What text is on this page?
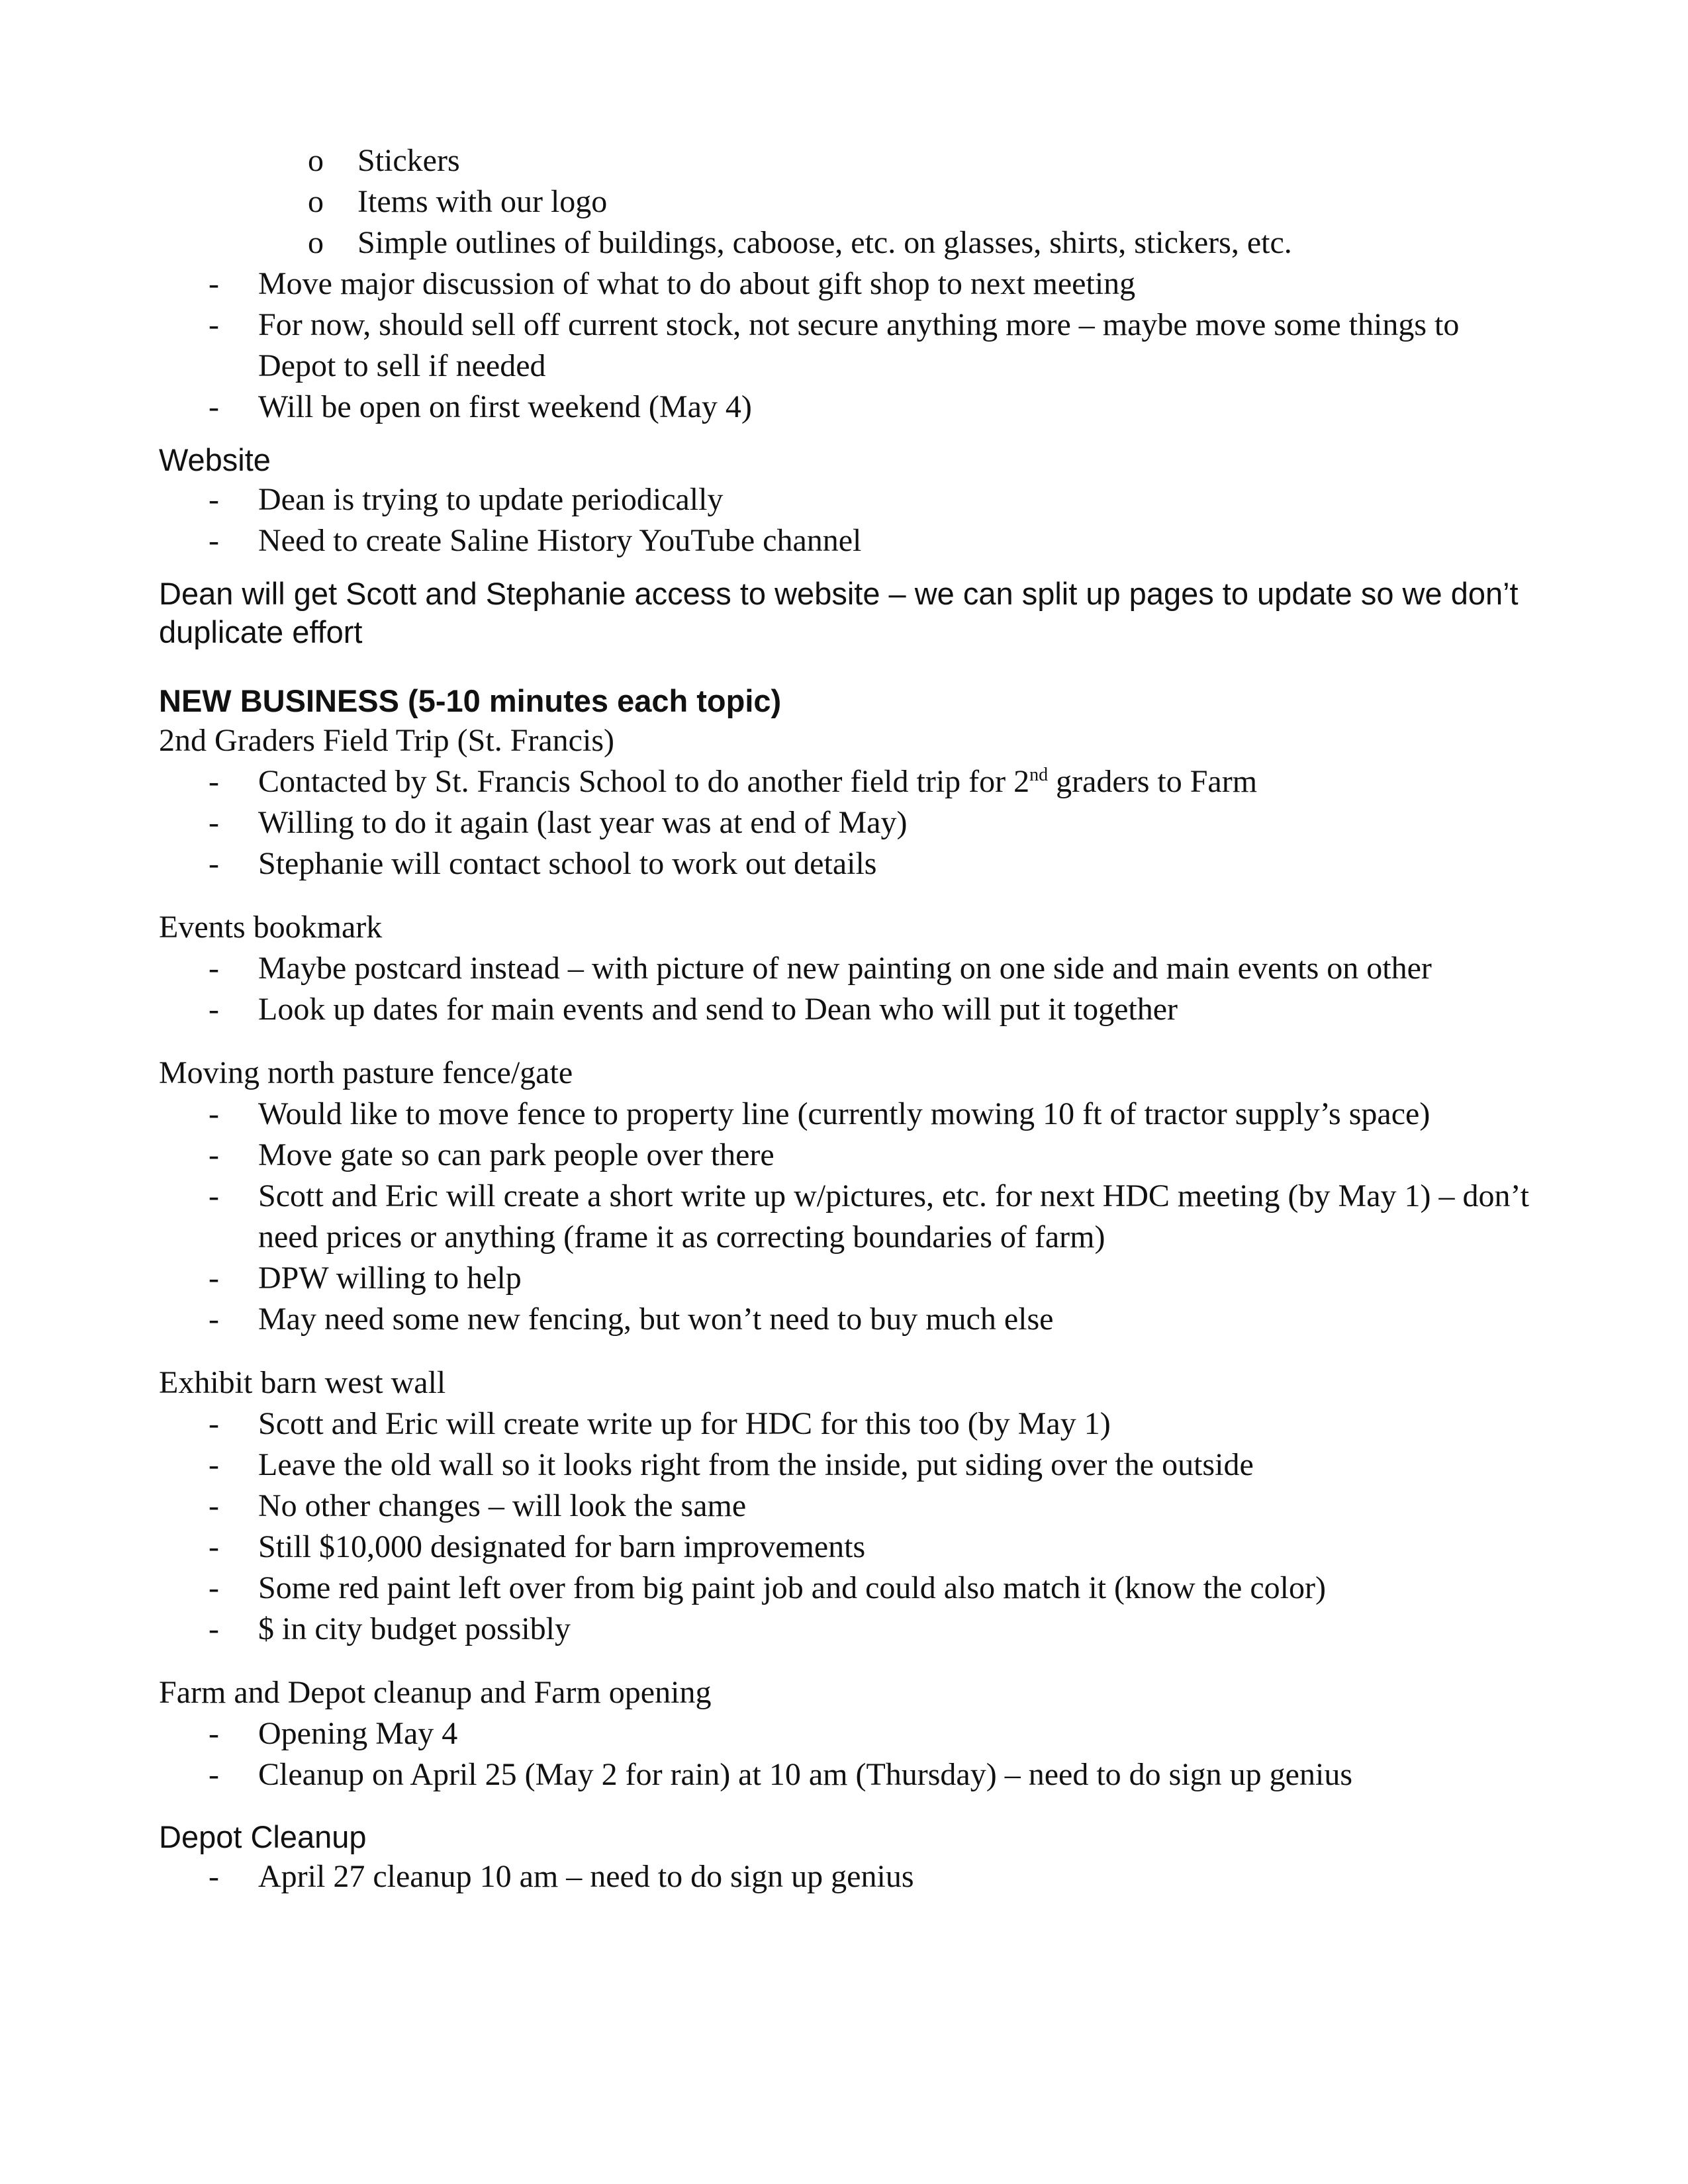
o Stickers
o Items with our logo
o Simple outlines of buildings, caboose, etc. on glasses, shirts, stickers, etc.
- Move major discussion of what to do about gift shop to next meeting
- For now, should sell off current stock, not secure anything more – maybe move some things to Depot to sell if needed
- Will be open on first weekend (May 4)
Website
- Dean is trying to update periodically
- Need to create Saline History YouTube channel
Dean will get Scott and Stephanie access to website – we can split up pages to update so we don’t duplicate effort
NEW BUSINESS (5-10 minutes each topic)
2nd Graders Field Trip (St. Francis)
- Contacted by St. Francis School to do another field trip for 2nd graders to Farm
- Willing to do it again (last year was at end of May)
- Stephanie will contact school to work out details
Events bookmark
- Maybe postcard instead – with picture of new painting on one side and main events on other
- Look up dates for main events and send to Dean who will put it together
Moving north pasture fence/gate
- Would like to move fence to property line (currently mowing 10 ft of tractor supply’s space)
- Move gate so can park people over there
- Scott and Eric will create a short write up w/pictures, etc. for next HDC meeting (by May 1) – don’t need prices or anything (frame it as correcting boundaries of farm)
- DPW willing to help
- May need some new fencing, but won’t need to buy much else
Exhibit barn west wall
- Scott and Eric will create write up for HDC for this too (by May 1)
- Leave the old wall so it looks right from the inside, put siding over the outside
- No other changes – will look the same
- Still $10,000 designated for barn improvements
- Some red paint left over from big paint job and could also match it (know the color)
- $ in city budget possibly
Farm and Depot cleanup and Farm opening
- Opening May 4
- Cleanup on April 25 (May 2 for rain) at 10 am (Thursday) – need to do sign up genius
Depot Cleanup
- April 27 cleanup 10 am – need to do sign up genius
